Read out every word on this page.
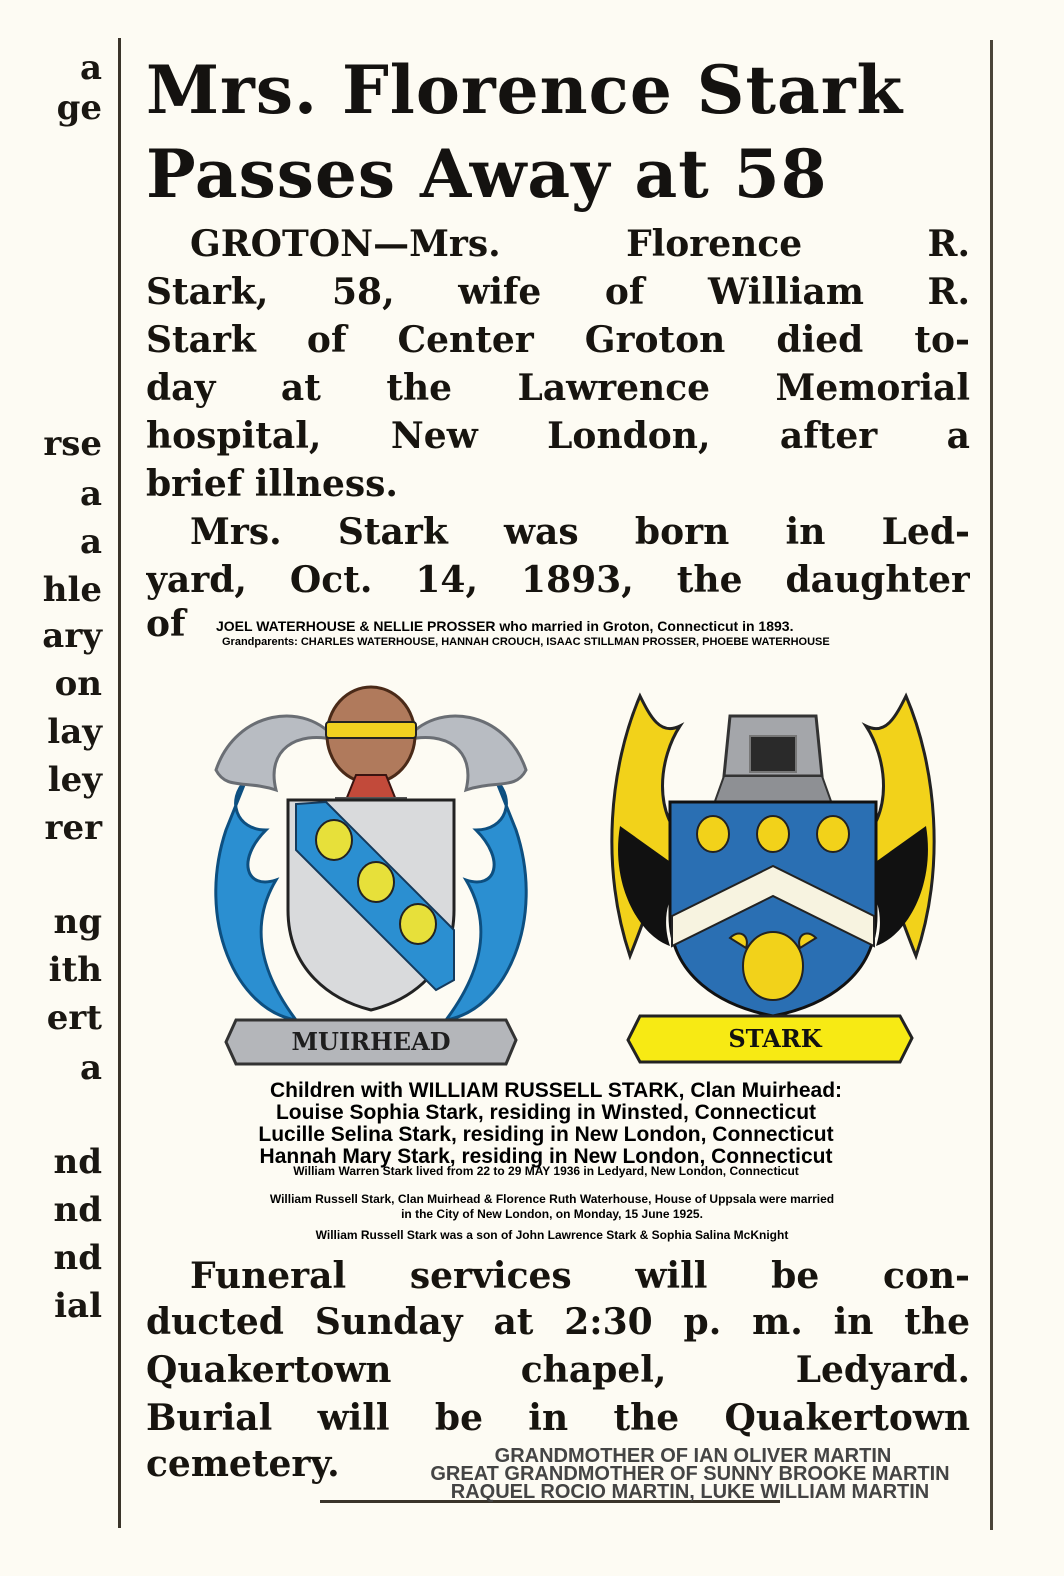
a
ge
rse
a
a
hle
ary
on
lay
ley
rer
ng
ith
ert
a
nd
nd
nd
ial
Mrs. Florence Stark
Passes Away at 58
GROTON—Mrs. Florence R.
Stark, 58, wife of William R.
Stark of Center Groton died to-
day at the Lawrence Memorial
hospital, New London, after a
brief illness.
Mrs. Stark was born in Led-
yard, Oct. 14, 1893, the daughter
of	JOEL WATERHOUSE & NELLIE PROSSER who married in Groton, Connecticut in 1893.
Grandparents: CHARLES WATERHOUSE, HANNAH CROUCH, ISAAC STILLMAN PROSSER, PHOEBE WATERHOUSE
MUIRHEAD	STARK
Children with WILLIAM RUSSELL STARK, Clan Muirhead:
Louise Sophia Stark, residing in Winsted, Connecticut
Lucille Selina Stark, residing in New London, Connecticut
Hannah Mary Stark, residing in New London, Connecticut
William Warren Stark lived from 22 to 29 MAY 1936 in Ledyard, New London, Connecticut
William Russell Stark, Clan Muirhead & Florence Ruth Waterhouse, House of Uppsala were married
in the City of New London, on Monday, 15 June 1925.
William Russell Stark was a son of John Lawrence Stark & Sophia Salina McKnight
Funeral services will be con-
ducted Sunday at 2:30 p. m. in the
Quakertown chapel, Ledyard.
Burial will be in the Quakertown
cemetery.	GRANDMOTHER OF IAN OLIVER MARTIN
GREAT GRANDMOTHER OF SUNNY BROOKE MARTIN
RAQUEL ROCIO MARTIN, LUKE WILLIAM MARTIN
